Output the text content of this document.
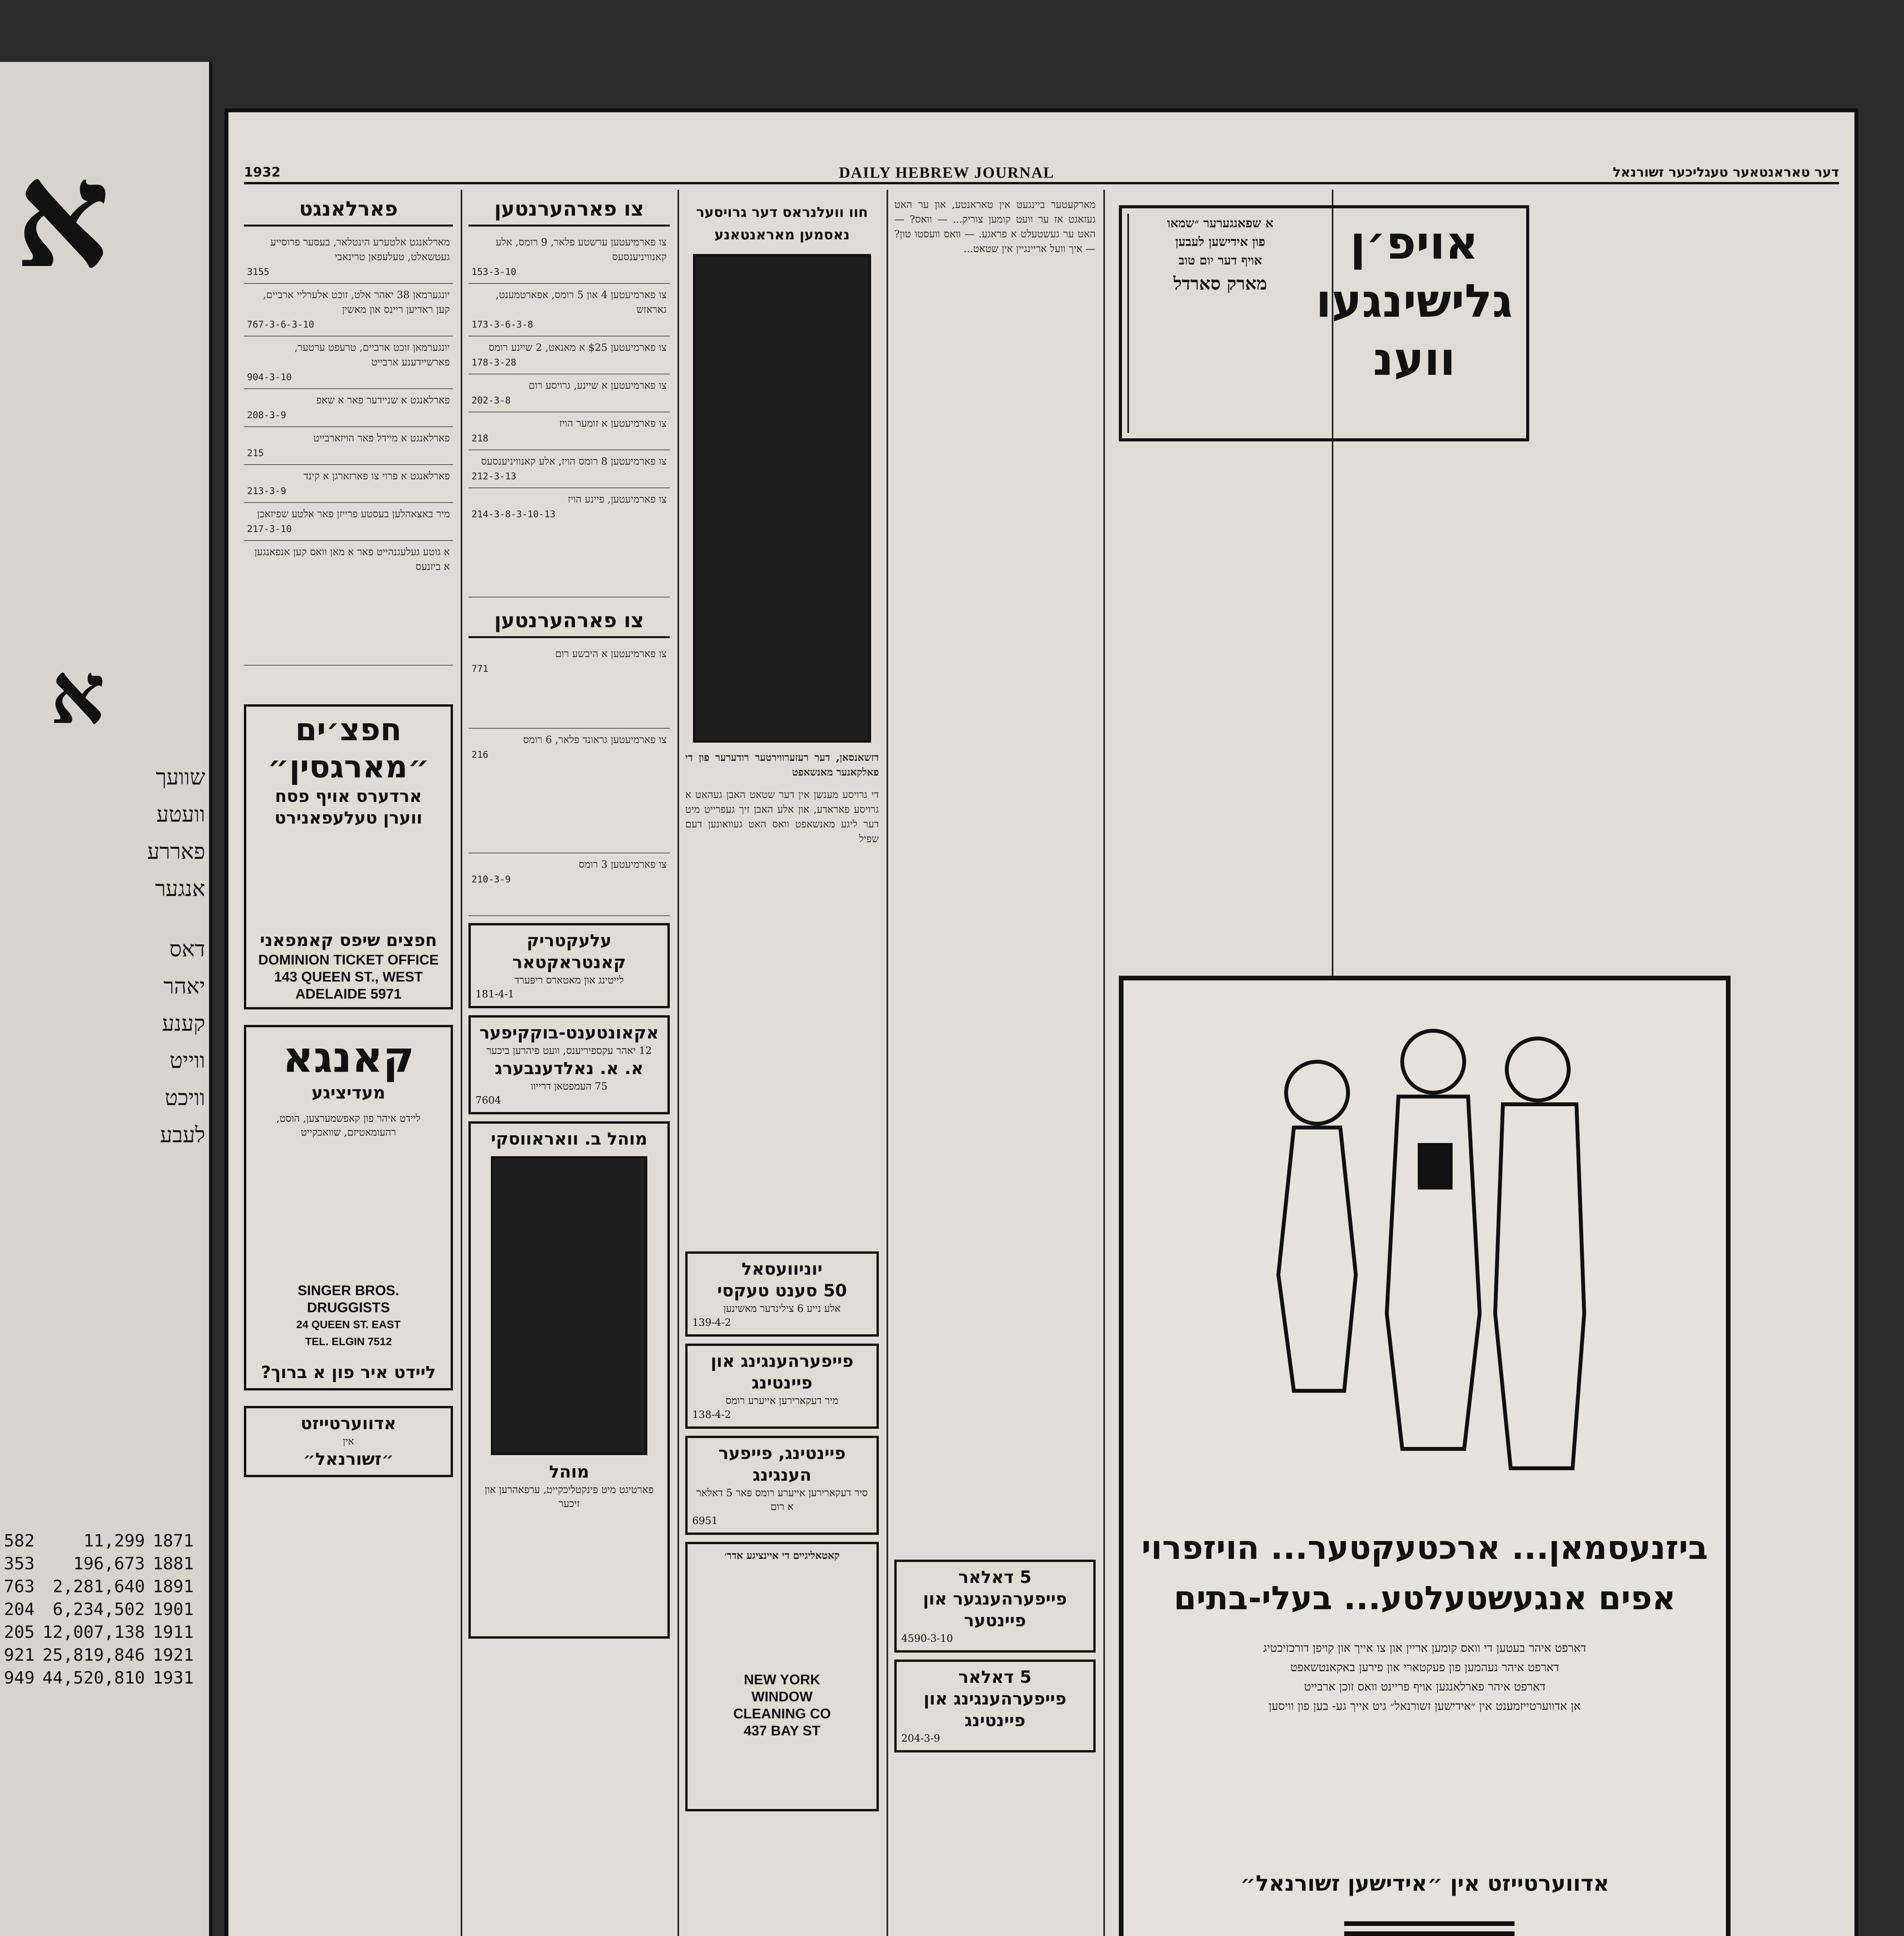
א
א
שוועך
וועטע
פאררע
אנגער
דאס
יאהר
קענע
ווייט
וויכט
לעבע
582	11,299	1871
353	196,673	1881
763	2,281,640	1891
204	6,234,502	1901
205	12,007,138	1911
921	25,819,846	1921
949	44,520,810	1931
1932	DAILY HEBREW JOURNAL	דער טאראנטאער טעגליכער זשורנאל
פארלאנגט
מארלאנגט אלטערע הינטלאר, בעסער פרוסייע געטשאלט, טעלעפאן טרינאבי
3155
יונגערמאן 38 יאהר אלט, זוכט אלערליי ארביים, קען ראדיען ריינס און מאשין
767-3-6-3-10
יונגערמאן זוכט ארביים, טרעפט ערטער, פארשיידענע ארבייט
904-3-10
פארלאנגט א שניידער פאר א שאפ
208-3-9
פארלאנגט א מיידל פאר הויזארבייט
215
פארלאנגט א פרוי צו פארזארגן א קינד
213-3-9
מיר באצאהלען בעסטע פרייזן פאר אלטע שפיזאכן
217-3-10
א גוטע געלעגנהייט פאר א מאן וואס קען אנפאנגען א ביזנעס
חפצ׳ים
״מארגסין״
ארדערס אויף פסח
ווערן טעלעפאנירט
חפצים שיפס קאמפאני
DOMINION TICKET OFFICE
143 QUEEN ST., WEST
ADELAIDE 5971
קאנגא
מעדיציגע
ליידט איהר פון קאפשמערצען, הוסט, רהעומאטיזם, שוואכקייט
SINGER BROS.
DRUGGISTS
24 QUEEN ST. EAST
TEL. ELGIN 7512
ליידט איר פון א ברוך?
אדווערטייזט
אין
״זשורנאל״
צו פארהערנטען
צו פארמיעטען ערשטע פלאר, 9 רומס, אלע קאנוויניענסעס
153-3-10
צו פארמיעטען 4 און 5 רומס, אפארטמענט, גאראזש
173-3-6-3-8
צו פארמיעטען $25 א מאנאט, 2 שיינע רומס
178-3-28
צו פארמיעטען א שיינע, גרויסע רום
202-3-8
צו פארמיעטען א זומער הויז
218
צו פארמיעטען 8 רומס הויז, אלע קאנוויניענסעס
212-3-13
צו פארמיעטען, פיינע הויז
214-3-8-3-10-13
צו פארהערנטען
צו פארמיעטען א היבשע רום
771
צו פארמיעטען גראונד פלאר, 6 רומס
216
צו פארמיעטען 3 רומס
210-3-9
עלעקטריק
קאנטראקטאר
לייטינג און מאטארס ריפּערד
181-4-1
אקאונטענט-בוקקיפער
12 יאהר עקספיריענס, וועט פיהרען ביכער
א. א. נאלדענבערג
75 העמפטאן דרייוו
7604
מוהל ב. וואראווסקי
מוהל
פארטיגט מיט פינקטליכקייט, ערפאהרען און זיכער
חוו וועלנראס דער גרויסער נאסמען מאראנטאנע
דזשאנסאן, דער רעזערווירטער רודערער פון די פאלקאנער מאנשאפט
די גרויסע מענשן אין דער שטאט האבן געהאט א גרויסע פאראדע, און אלע האבן זיך געפרייט מיט דער ליגע מאנשאפט וואס האט געוואונען דעם שפיל
יוניוועסאל
50 סענט טעקסי
אלע נייע 6 צילינדער מאשינען
139-4-2
פייפערהענגינג און פיינטינג
מיר דעקארירען אייערע רומס
138-4-2
פיינטינג, פייפער הענגינג
סיר דעקארירען אייערע רומס פאר 5 דאלאר א רום
6951
קאטאליגיים די איינציגע אדר׳
NEW YORK
WINDOW
CLEANING CO
437 BAY ST
מארקעטער ביינגעט אין טאראנטע, און ער האט געזאגט אז ער וועט קומען צוריק... — וואס? — האט ער געשטעלט א פראגע. — וואס וועסטו טון? — איך וועל אריינגיין אין שטאט...
5 דאלאר
פייפערהענגער און פיינטער
4590-3-10
5 דאלאר
פייפערהענגינג און פיינטינג
204-3-9
אויפ׳ן
גלישינגעו
ווענ
א שפאנגערער ״שמאו
פון אידישען לעבען
אויף דער יום טוב
מארק סארדל
ביזנעסמאן... ארכטעקטער... הויזפרוי
אפים אנגעשטעלטע... בעלי-בתים
דארפט איהר בעטען די וואס קומען אריין און צו אייך און קויפן דורכזיכטיג
דארפט איהר נעהמען פון פעקטארי און פירען באקאנטשאפט
דארפט איהר פארלאנגען אויף פריינט וואס זוכן ארבייט
אן אדווערטייזמענט אין ״אידישען זשורנאל״ גיט אייך גע- בען פון וויסען
אדווערטייזט אין ״אידישען זשורנאל״
